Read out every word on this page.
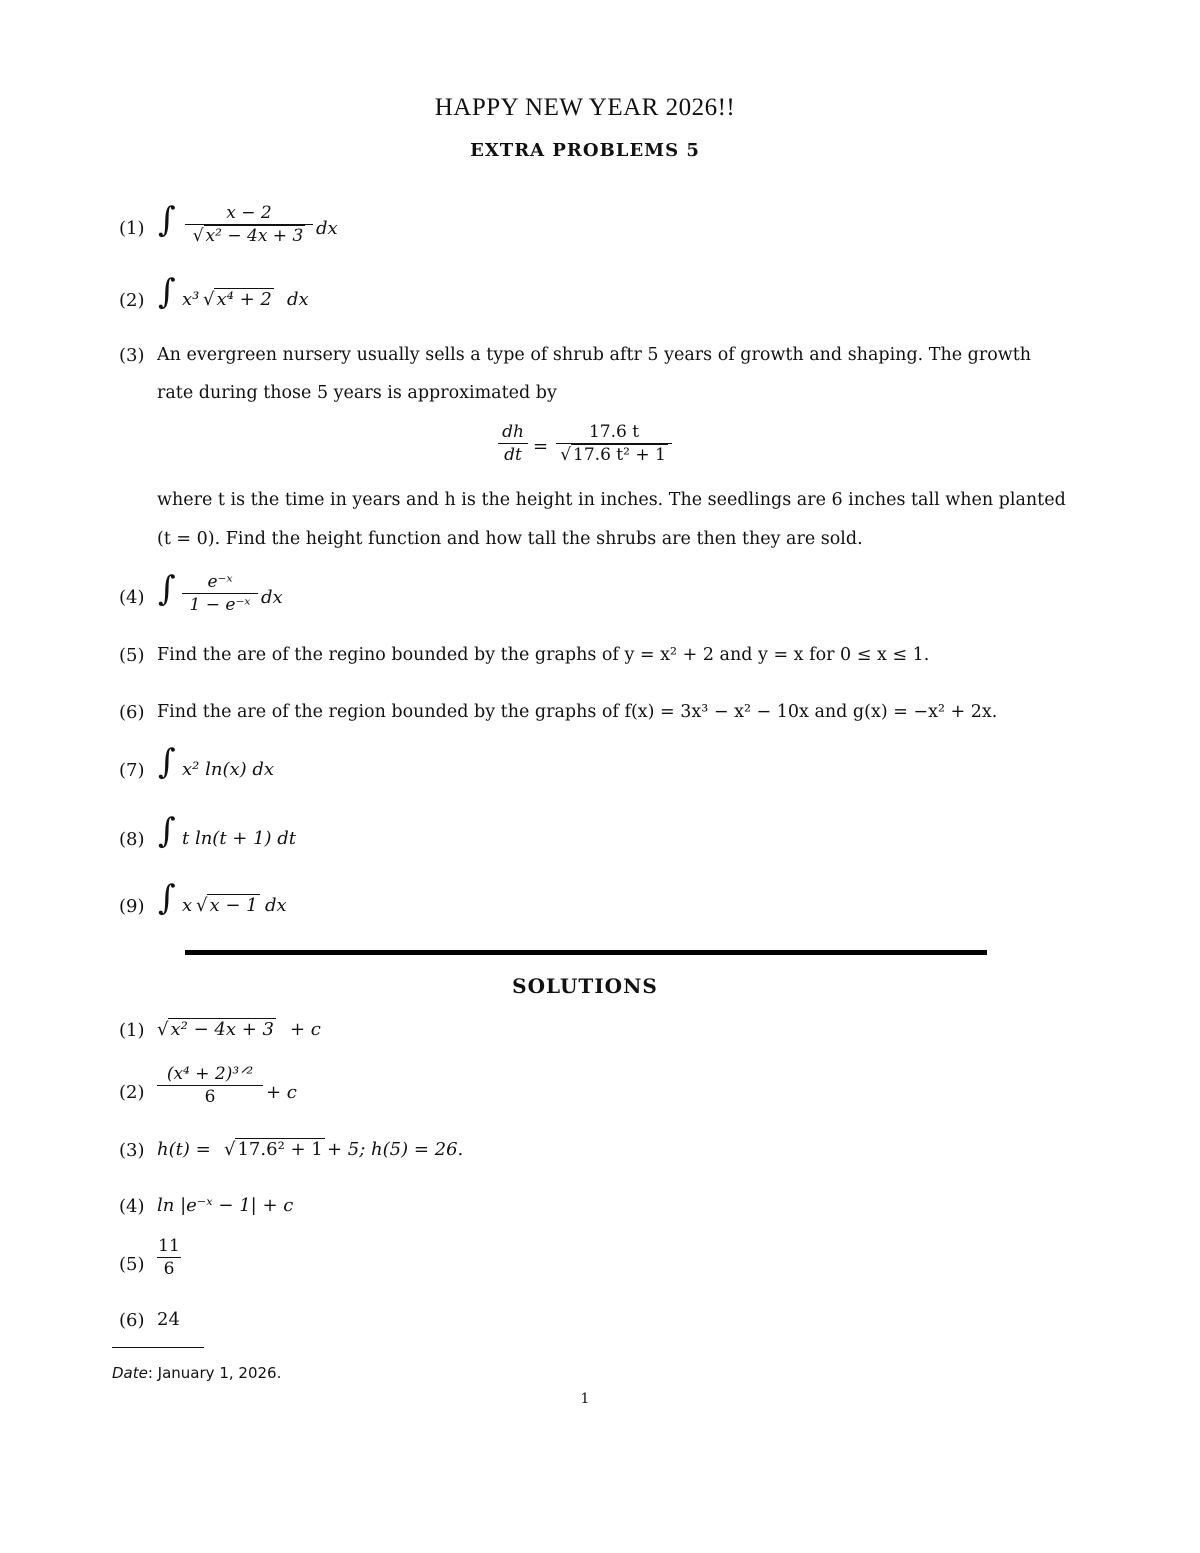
HAPPY NEW YEAR 2026!!
EXTRA PROBLEMS 5
(1) ∫	x − 2
√ x² − 4x + 3 dx
(2) ∫ x³ √ x⁴ + 2 dx
(3) An evergreen nursery usually sells a type of shrub aftr 5 years of growth and shaping. The growth
rate during those 5 years is approximated by
dh
dt =
17.6 t
√ 17.6 t² + 1
where t is the time in years and h is the height in inches. The seedlings are 6 inches tall when planted
(t = 0). Find the height function and how tall the shrubs are then they are sold.
(4) ∫	e⁻ˣ
1 − e⁻ˣ dx
(5) Find the are of the regino bounded by the graphs of y = x² + 2 and y = x for 0 ≤ x ≤ 1.
(6) Find the are of the region bounded by the graphs of f(x) = 3x³ − x² − 10x and g(x) = −x² + 2x.
(7) ∫ x² ln(x) dx
(8) ∫ t ln(t + 1) dt
(9) ∫ x √ x − 1 dx
SOLUTIONS
(1) √ x² − 4x + 3 + c
(2)
(x⁴ + 2)³ᐟ²
6	+ c
(3) h(t) = √ 17.6² + 1 + 5; h(5) = 26.
(4) ln |e⁻ˣ − 1| + c
(5)
11
6
(6) 24
Date: January 1, 2026.
1
